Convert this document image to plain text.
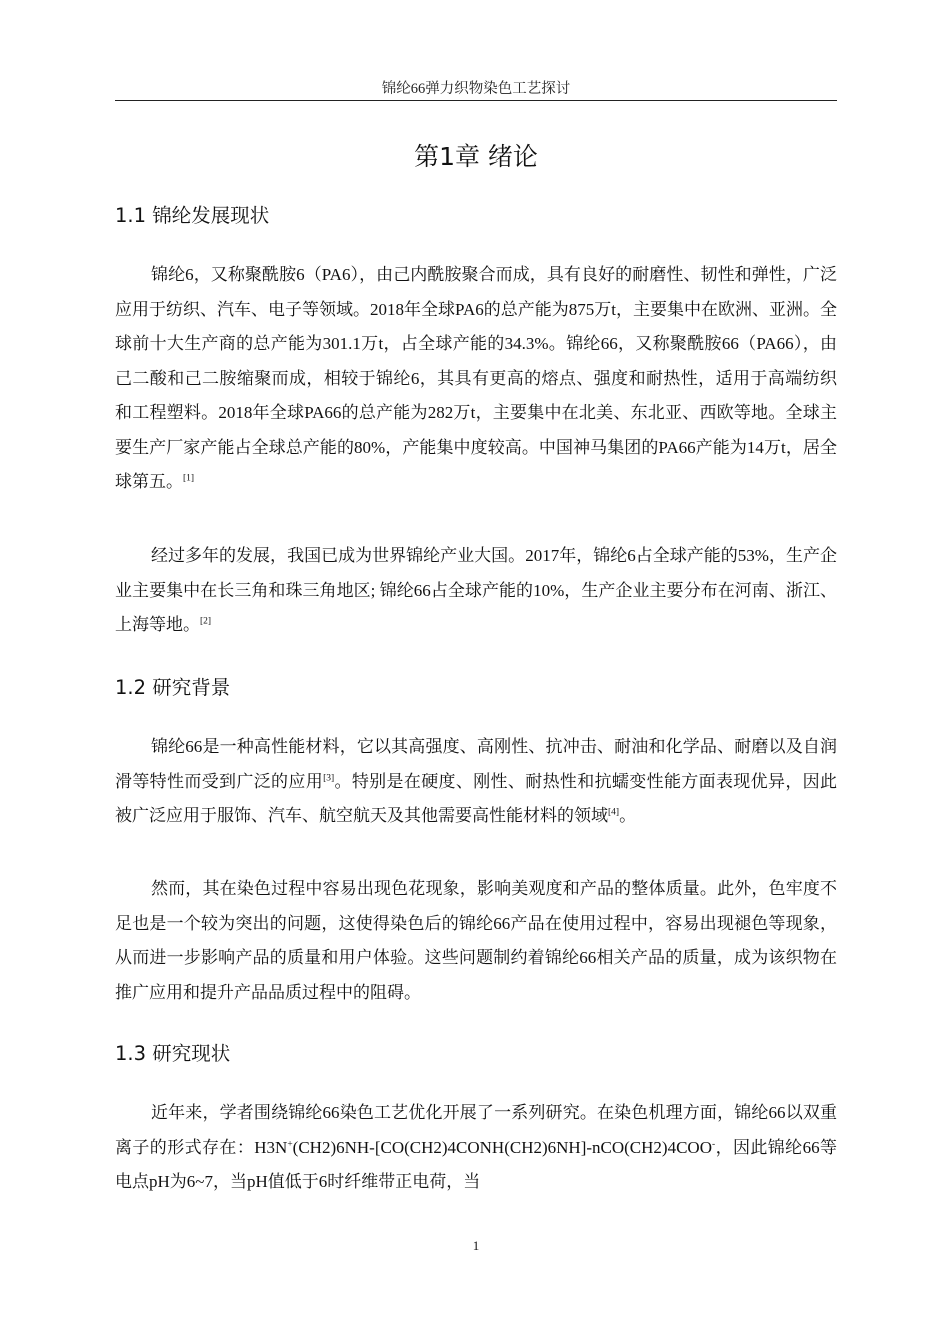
锦纶66弹力织物染色工艺探讨
第1章 绪论
1.1 锦纶发展现状

锦纶6，又称聚酰胺6（PA6），由己内酰胺聚合而成，具有良好的耐磨性、韧性和弹性，广泛应用于纺织、汽车、电子等领域。2018年全球PA6的总产能为875万t，主要集中在欧洲、亚洲。全球前十大生产商的总产能为301.1万t，占全球产能的34.3%。锦纶66，又称聚酰胺66（PA66），由己二酸和己二胺缩聚而成，相较于锦纶6，其具有更高的熔点、强度和耐热性，适用于高端纺织和工程塑料。2018年全球PA66的总产能为282万t，主要集中在北美、东北亚、西欧等地。全球主要生产厂家产能占全球总产能的80%，产能集中度较高。中国神马集团的PA66产能为14万t，居全球第五。[1]

经过多年的发展，我国已成为世界锦纶产业大国。2017年，锦纶6占全球产能的53%，生产企业主要集中在长三角和珠三角地区; 锦纶66占全球产能的10%，生产企业主要分布在河南、浙江、上海等地。[2]

1.2 研究背景

锦纶66是一种高性能材料，它以其高强度、高刚性、抗冲击、耐油和化学品、耐磨以及自润滑等特性而受到广泛的应用[3]。特别是在硬度、刚性、耐热性和抗蠕变性能方面表现优异，因此被广泛应用于服饰、汽车、航空航天及其他需要高性能材料的领域[4]。

然而，其在染色过程中容易出现色花现象，影响美观度和产品的整体质量。此外，色牢度不足也是一个较为突出的问题，这使得染色后的锦纶66产品在使用过程中，容易出现褪色等现象，从而进一步影响产品的质量和用户体验。这些问题制约着锦纶66相关产品的质量，成为该织物在推广应用和提升产品品质过程中的阻碍。

1.3 研究现状

近年来，学者围绕锦纶66染色工艺优化开展了一系列研究。在染色机理方面，锦纶66以双重离子的形式存在：H3N+(CH2)6NH-[CO(CH2)4CONH(CH2)6NH]-nCO(CH2)4COO-，因此锦纶66等电点pH为6~7，当pH值低于6时纤维带正电荷，当

1
